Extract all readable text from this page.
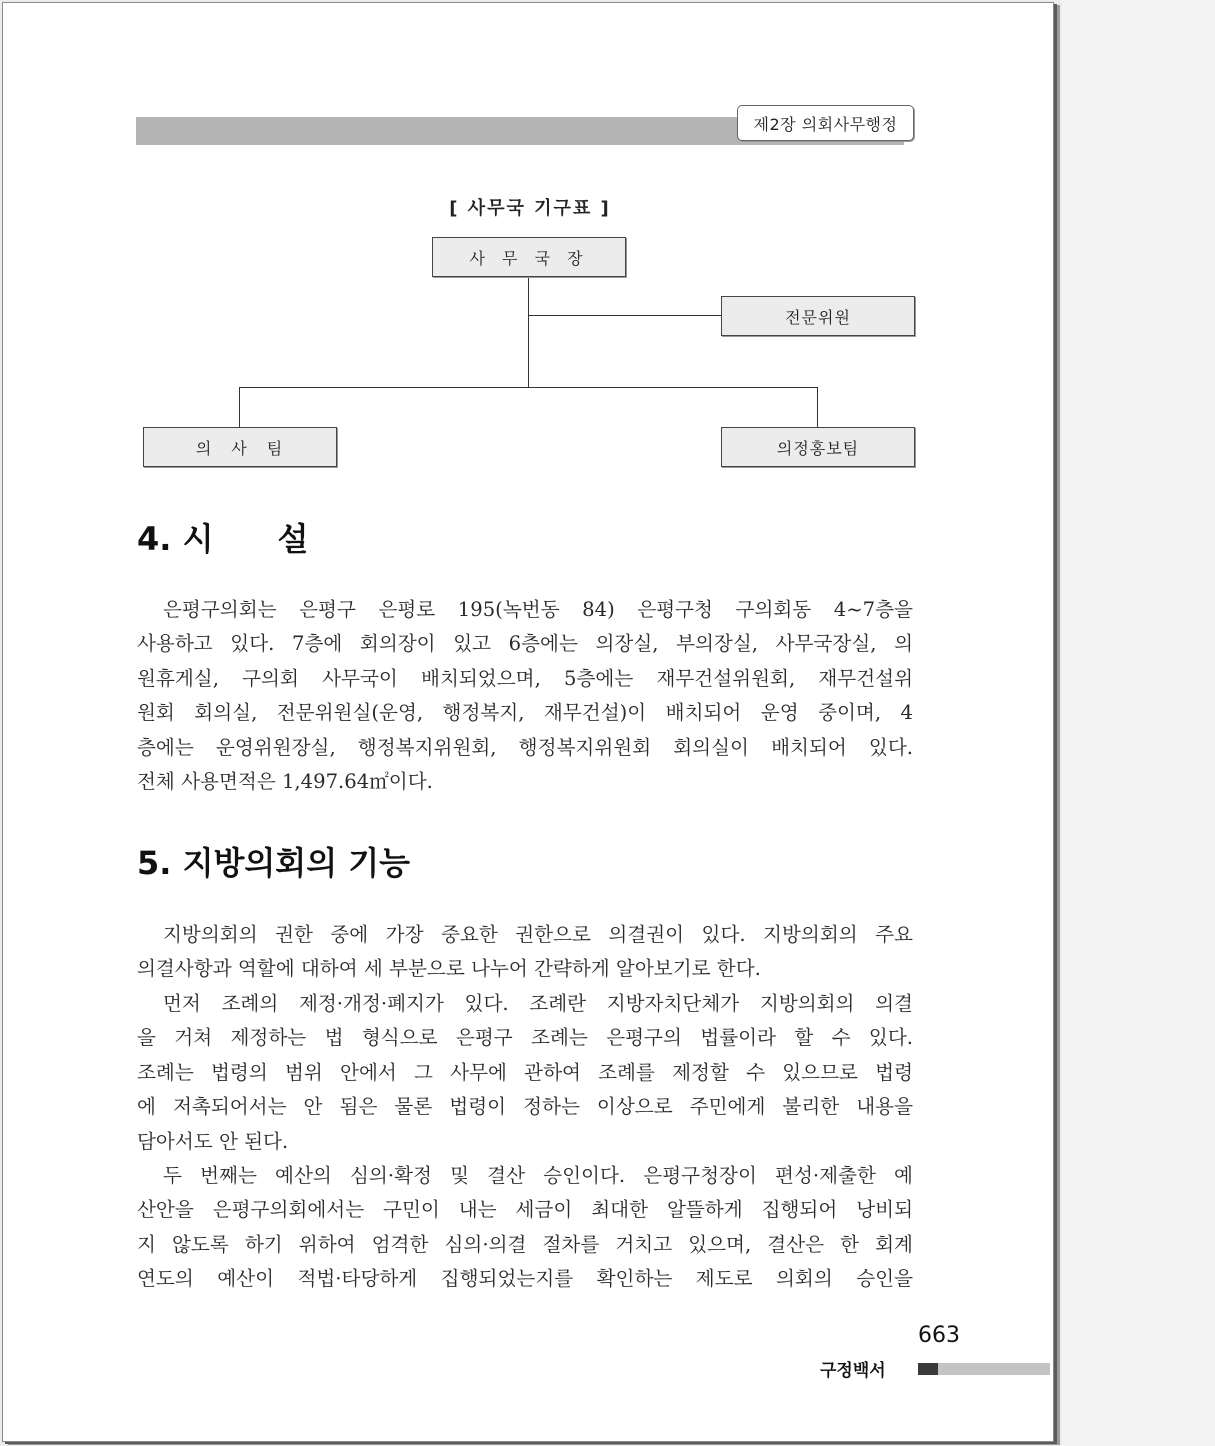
제2장 의회사무행정
[ 사무국 기구표 ]
사 무 국 장
전문위원
의　사　팀	의정홍보팀
4. 시　　설
은평구의회는 은평구 은평로 195(녹번동 84) 은평구청 구의회동 4~7층을
사용하고 있다. 7층에 회의장이 있고 6층에는 의장실, 부의장실, 사무국장실, 의
원휴게실, 구의회 사무국이 배치되었으며, 5층에는 재무건설위원회, 재무건설위
원회 회의실, 전문위원실(운영, 행정복지, 재무건설)이 배치되어 운영 중이며, 4
층에는 운영위원장실, 행정복지위원회, 행정복지위원회 회의실이 배치되어 있다.
전체 사용면적은 1,497.64㎡이다.
5. 지방의회의 기능
지방의회의 권한 중에 가장 중요한 권한으로 의결권이 있다. 지방의회의 주요
의결사항과 역할에 대하여 세 부분으로 나누어 간략하게 알아보기로 한다.
먼저 조례의 제정·개정·폐지가 있다. 조례란 지방자치단체가 지방의회의 의결
을 거쳐 제정하는 법 형식으로 은평구 조례는 은평구의 법률이라 할 수 있다.
조례는 법령의 범위 안에서 그 사무에 관하여 조례를 제정할 수 있으므로 법령
에 저촉되어서는 안 됨은 물론 법령이 정하는 이상으로 주민에게 불리한 내용을
담아서도 안 된다.
두 번째는 예산의 심의·확정 및 결산 승인이다. 은평구청장이 편성·제출한 예
산안을 은평구의회에서는 구민이 내는 세금이 최대한 알뜰하게 집행되어 낭비되
지 않도록 하기 위하여 엄격한 심의·의결 절차를 거치고 있으며, 결산은 한 회계
연도의 예산이 적법·타당하게 집행되었는지를 확인하는 제도로 의회의 승인을
663
구정백서
